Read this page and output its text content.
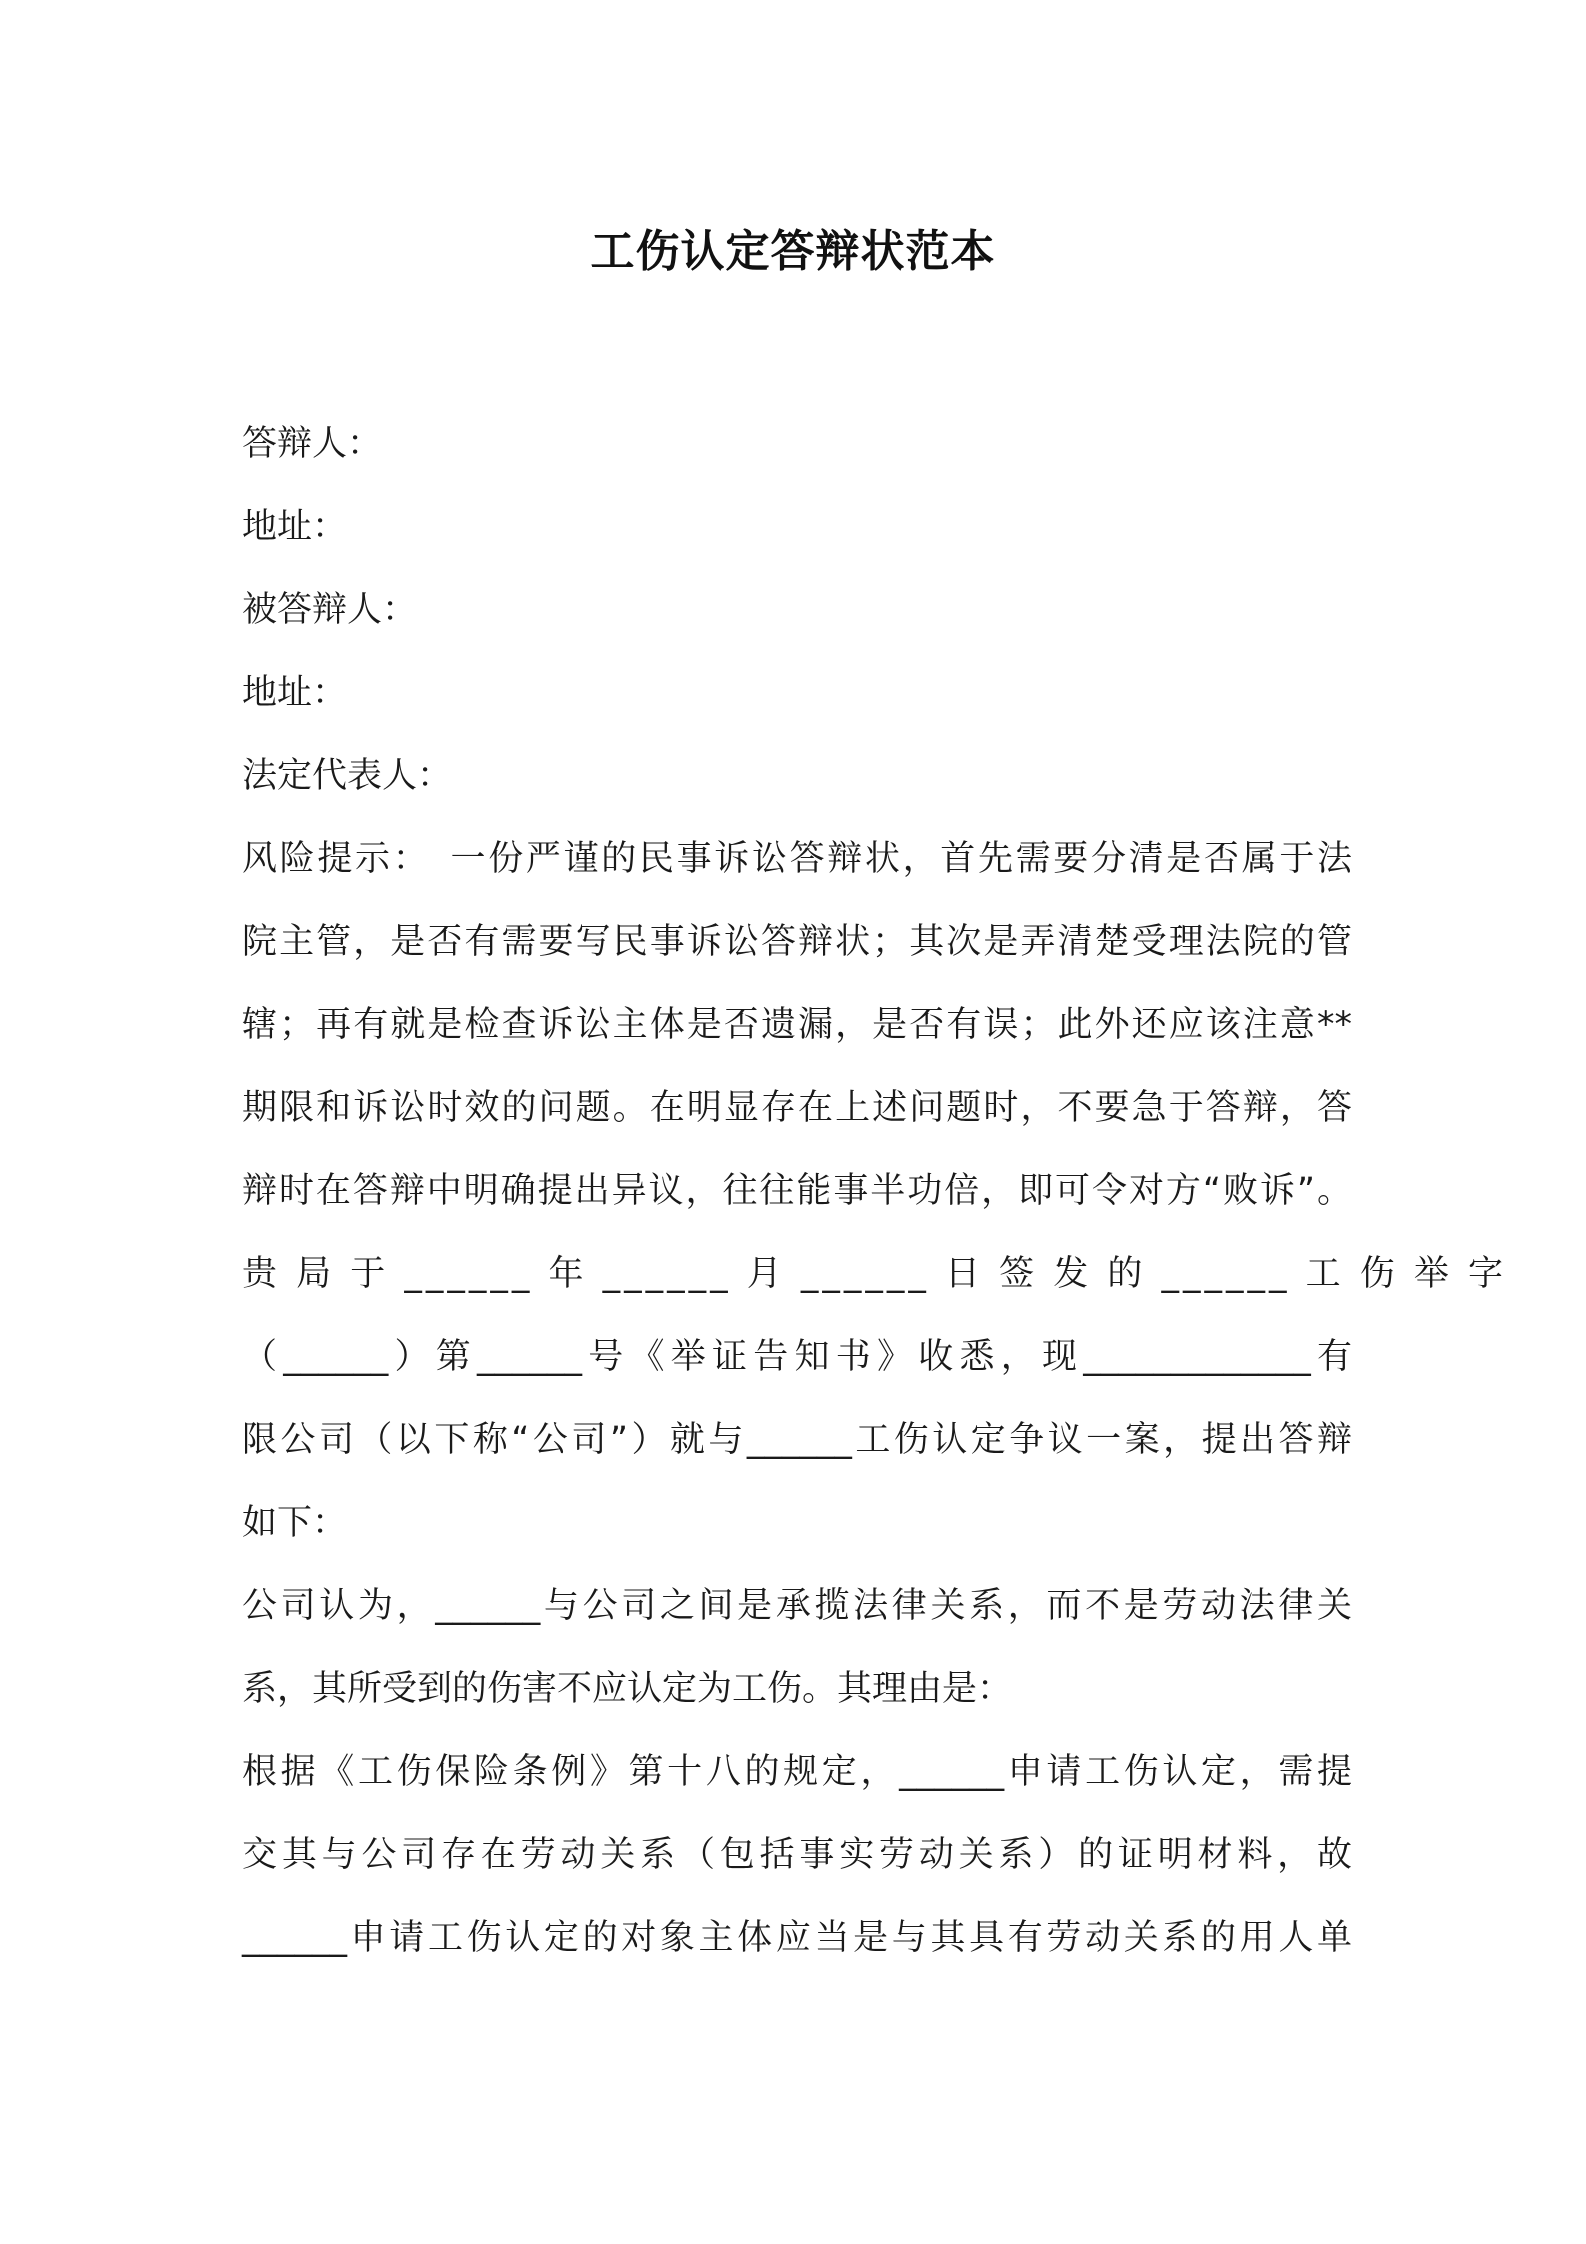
工伤认定答辩状范本
答辩人：
地址：
被答辩人：
地址：
法定代表人：
风险提示：　一份严谨的民事诉讼答辩状，首先需要分清是否属于法
院主管，是否有需要写民事诉讼答辩状；其次是弄清楚受理法院的管
辖；再有就是检查诉讼主体是否遗漏，是否有误；此外还应该注意**
期限和诉讼时效的问题。在明显存在上述问题时，不要急于答辩，答
辩时在答辩中明确提出异议，往往能事半功倍，即可令对方“败诉”。
贵 局 于 ______ 年 ______ 月 ______ 日 签 发 的 ______ 工 伤 举 字
（______）第______号《举证告知书》收悉，现_____________有
限公司（以下称“公司”）就与______工伤认定争议一案，提出答辩
如下：
公司认为，______与公司之间是承揽法律关系，而不是劳动法律关
系，其所受到的伤害不应认定为工伤。其理由是：
根据《工伤保险条例》第十八的规定，______申请工伤认定，需提
交其与公司存在劳动关系（包括事实劳动关系）的证明材料，故
______申请工伤认定的对象主体应当是与其具有劳动关系的用人单
